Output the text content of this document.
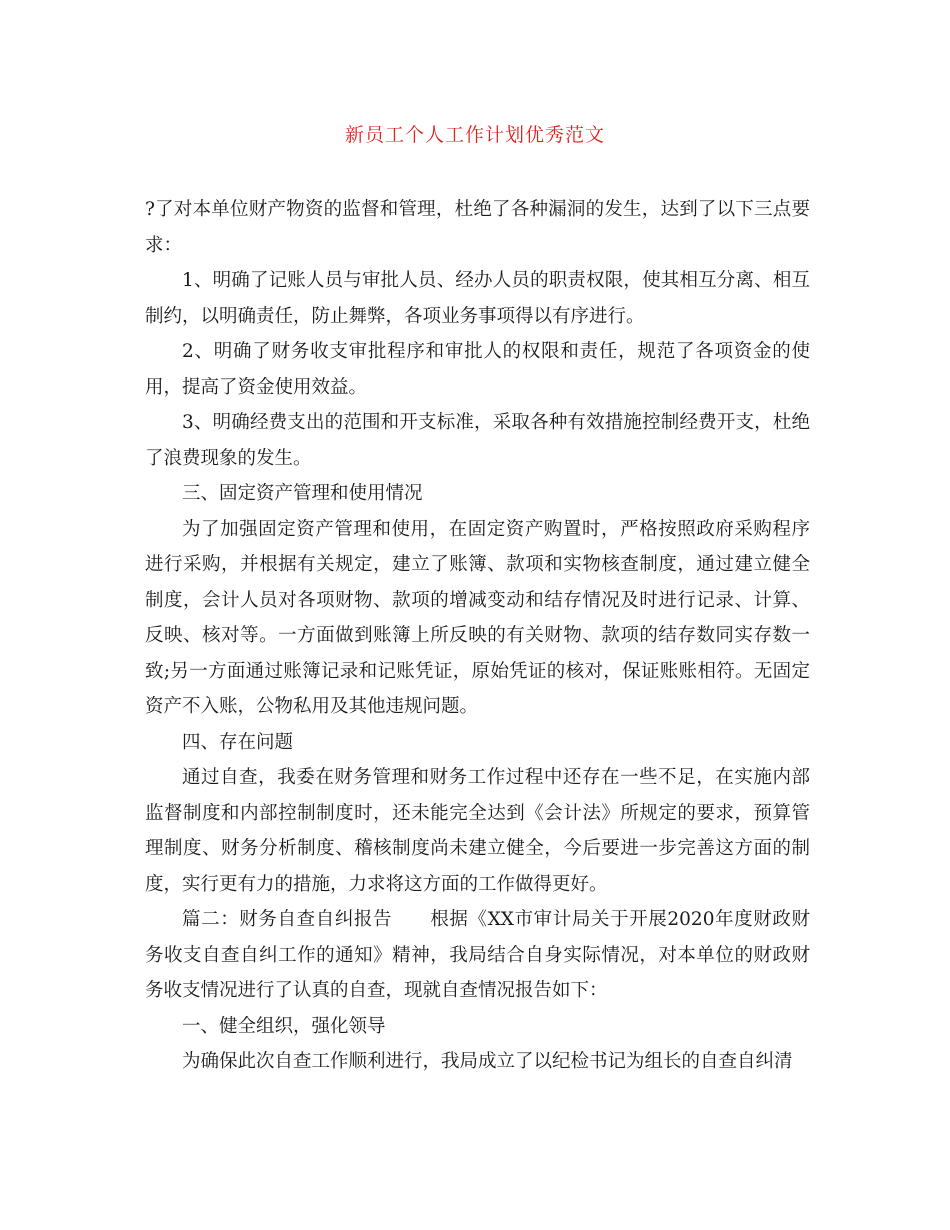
新员工个人工作计划优秀范文

?了对本单位财产物资的监督和管理，杜绝了各种漏洞的发生，达到了以下三点要求：

1、明确了记账人员与审批人员、经办人员的职责权限，使其相互分离、相互制约，以明确责任，防止舞弊，各项业务事项得以有序进行。

2、明确了财务收支审批程序和审批人的权限和责任，规范了各项资金的使用，提高了资金使用效益。

3、明确经费支出的范围和开支标准，采取各种有效措施控制经费开支，杜绝了浪费现象的发生。

三、固定资产管理和使用情况

为了加强固定资产管理和使用，在固定资产购置时，严格按照政府采购程序进行采购，并根据有关规定，建立了账簿、款项和实物核查制度，通过建立健全制度，会计人员对各项财物、款项的增减变动和结存情况及时进行记录、计算、反映、核对等。一方面做到账簿上所反映的有关财物、款项的结存数同实存数一致;另一方面通过账簿记录和记账凭证，原始凭证的核对，保证账账相符。无固定资产不入账，公物私用及其他违规问题。

四、存在问题

通过自查，我委在财务管理和财务工作过程中还存在一些不足，在实施内部监督制度和内部控制制度时，还未能完全达到《会计法》所规定的要求，预算管理制度、财务分析制度、稽核制度尚未建立健全，今后要进一步完善这方面的制度，实行更有力的措施，力求将这方面的工作做得更好。

篇二：财务自查自纠报告　　根据《XX市审计局关于开展2020年度财政财务收支自查自纠工作的通知》精神，我局结合自身实际情况，对本单位的财政财务收支情况进行了认真的自查，现就自查情况报告如下：

一、健全组织，强化领导

为确保此次自查工作顺利进行，我局成立了以纪检书记为组长的自查自纠清
